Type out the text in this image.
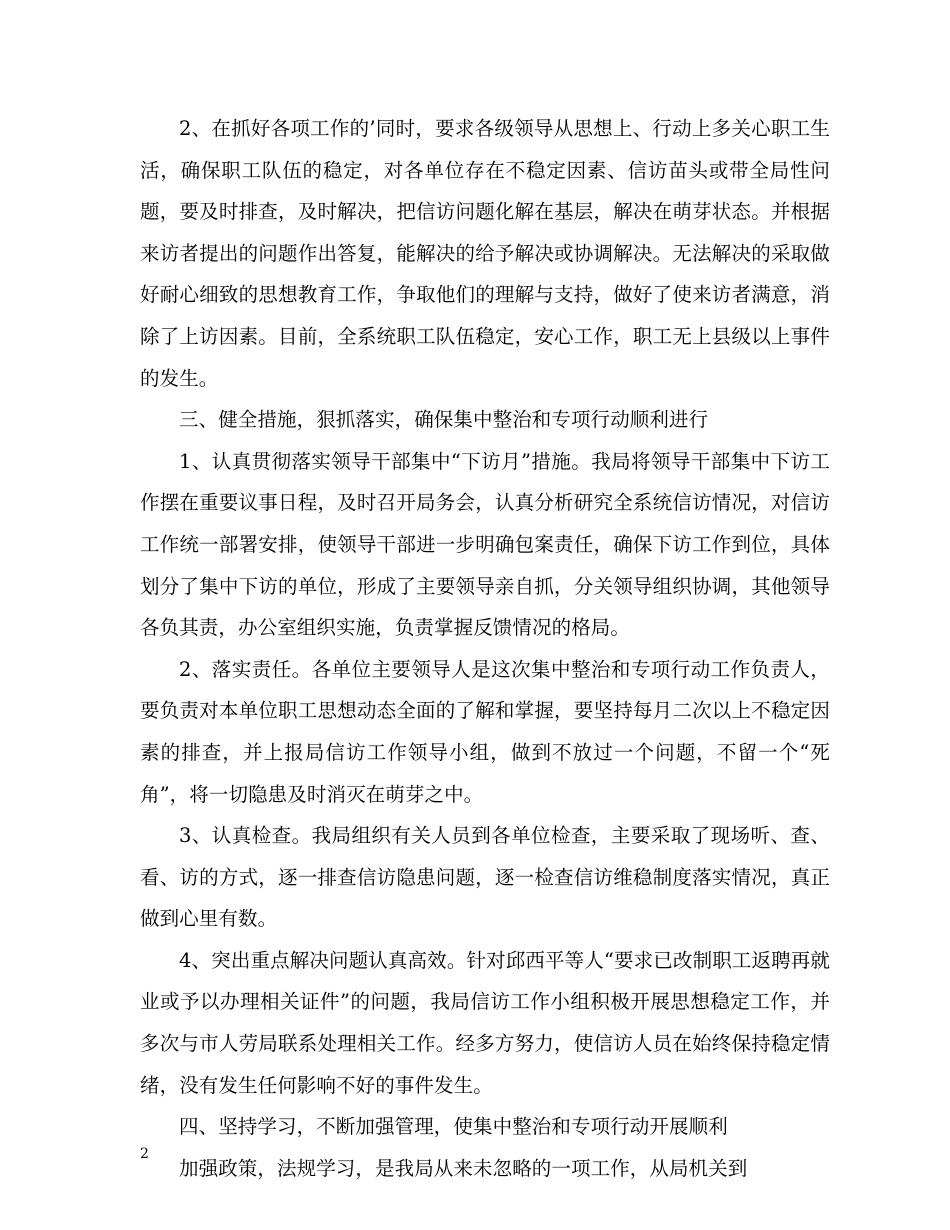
2、在抓好各项工作的’同时，要求各级领导从思想上、行动上多关心职工生活，确保职工队伍的稳定，对各单位存在不稳定因素、信访苗头或带全局性问题，要及时排查，及时解决，把信访问题化解在基层，解决在萌芽状态。并根据来访者提出的问题作出答复，能解决的给予解决或协调解决。无法解决的采取做好耐心细致的思想教育工作，争取他们的理解与支持，做好了使来访者满意，消除了上访因素。目前，全系统职工队伍稳定，安心工作，职工无上县级以上事件的发生。

三、健全措施，狠抓落实，确保集中整治和专项行动顺利进行

1、认真贯彻落实领导干部集中“下访月”措施。我局将领导干部集中下访工作摆在重要议事日程，及时召开局务会，认真分析研究全系统信访情况，对信访工作统一部署安排，使领导干部进一步明确包案责任，确保下访工作到位，具体划分了集中下访的单位，形成了主要领导亲自抓，分关领导组织协调，其他领导各负其责，办公室组织实施，负责掌握反馈情况的格局。

2、落实责任。各单位主要领导人是这次集中整治和专项行动工作负责人，要负责对本单位职工思想动态全面的了解和掌握，要坚持每月二次以上不稳定因素的排查，并上报局信访工作领导小组，做到不放过一个问题，不留一个“死角”，将一切隐患及时消灭在萌芽之中。

3、认真检查。我局组织有关人员到各单位检查，主要采取了现场听、查、看、访的方式，逐一排查信访隐患问题，逐一检查信访维稳制度落实情况，真正做到心里有数。

4、突出重点解决问题认真高效。针对邱西平等人“要求已改制职工返聘再就业或予以办理相关证件”的问题，我局信访工作小组积极开展思想稳定工作，并多次与市人劳局联系处理相关工作。经多方努力，使信访人员在始终保持稳定情绪，没有发生任何影响不好的事件发生。

四、坚持学习，不断加强管理，使集中整治和专项行动开展顺利

加强政策，法规学习，是我局从来未忽略的一项工作，从局机关到

2
